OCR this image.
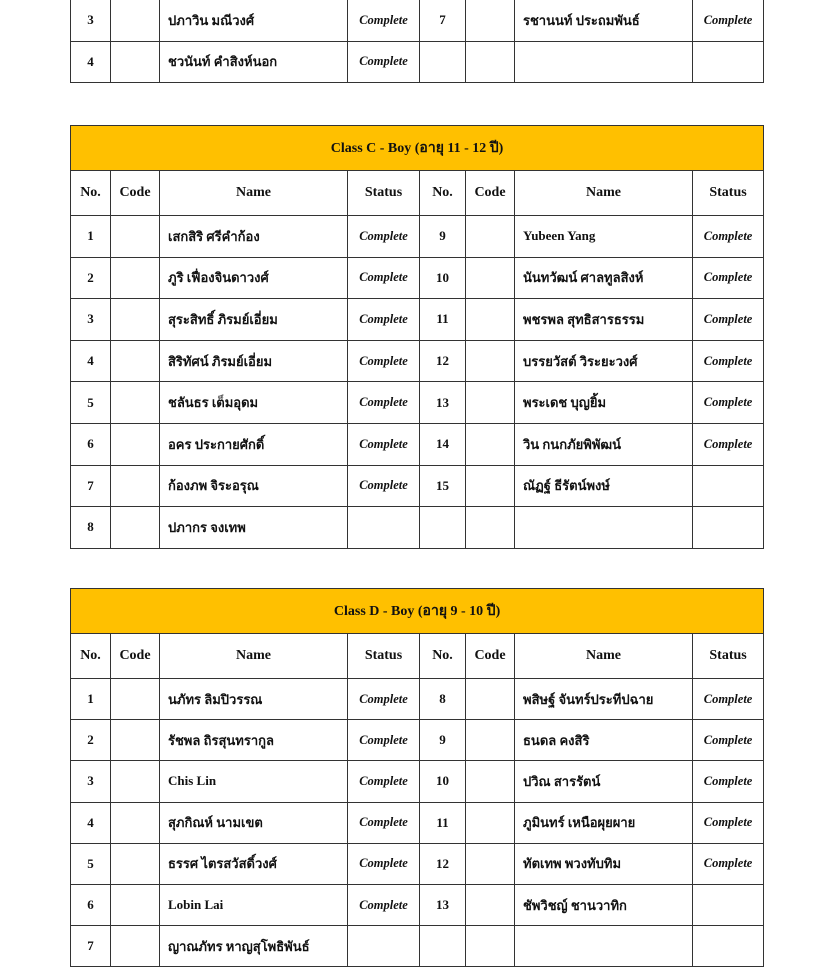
3		ปภาวิน มณีวงศ์	Complete	7		รชานนท์ ประถมพันธ์	Complete
4		ชวนันท์ คำสิงห์นอก	Complete				
Class C - Boy (อายุ 11 - 12 ปี)							
No.	Code	Name	Status	No.	Code	Name	Status
1		เสกสิริ ศรีคำก้อง	Complete	9		Yubeen Yang	Complete
2		ภูริ เฟื่องจินดาวงศ์	Complete	10		นันทวัฒน์ ศาลทูลสิงห์	Complete
3		สุระสิทธิ์ ภิรมย์เอี่ยม	Complete	11		พชรพล สุทธิสารธรรม	Complete
4		สิริทัศน์ ภิรมย์เอี่ยม	Complete	12		บรรยวัสต์ วิระยะวงศ์	Complete
5		ชลันธร เต็มอุดม	Complete	13		พระเดช บุญยิ้ม	Complete
6		อคร ประกายศักดิ์	Complete	14		วิน กนกภัยพิพัฒน์	Complete
7		ก้องภพ จิระอรุณ	Complete	15		ณัฏฐ์ ธีรัตน์พงษ์	
8		ปภากร จงเทพ					
Class D - Boy (อายุ 9 - 10 ปี)							
No.	Code	Name	Status	No.	Code	Name	Status
1		นภัทร ลิมปิวรรณ	Complete	8		พสิษฐ์ จันทร์ประทีปฉาย	Complete
2		รัชพล ถิรสุนทรากูล	Complete	9		ธนดล คงสิริ	Complete
3		Chis Lin	Complete	10		ปวิณ สารรัตน์	Complete
4		สุภกิณห์ นามเขต	Complete	11		ภูมินทร์ เหนือผุยผาย	Complete
5		ธรรศ ไตรสวัสดิ์วงศ์	Complete	12		ทัตเทพ พวงทับทิม	Complete
6		Lobin Lai	Complete	13		ชัพวิชญ์ ชานวาทิก	
7		ญาณภัทร หาญสุโพธิพันธ์					
